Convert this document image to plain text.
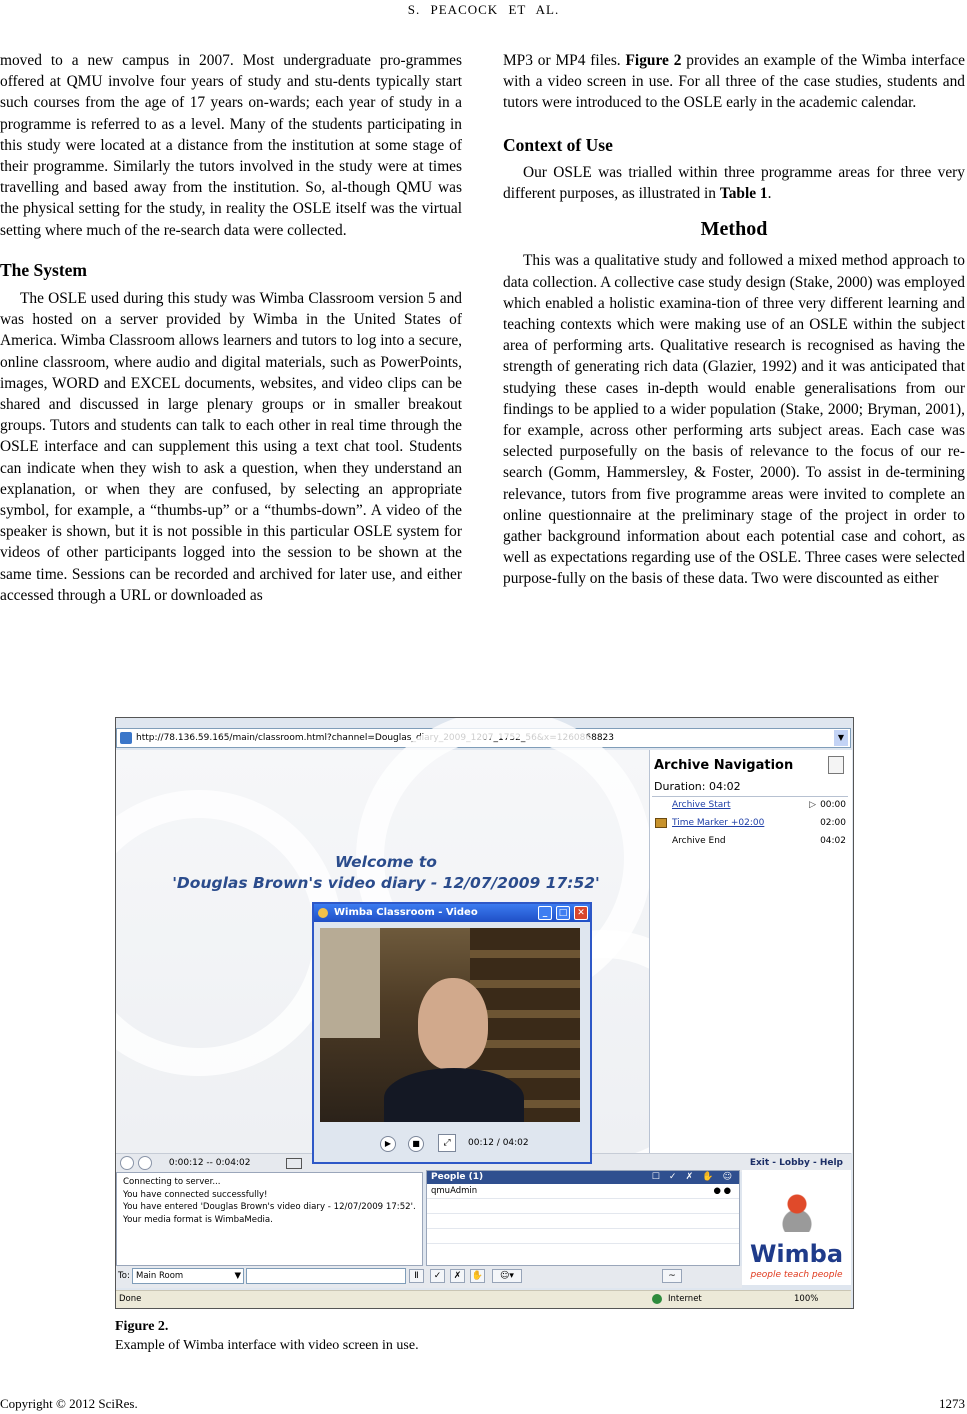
S. PEACOCK ET AL.

moved to a new campus in 2007. Most undergraduate pro-grammes offered at QMU involve four years of study and stu-dents typically start such courses from the age of 17 years on-wards; each year of study in a programme is referred to as a level. Many of the students participating in this study were located at a distance from the institution at some stage of their programme. Similarly the tutors involved in the study were at times travelling and based away from the institution. So, al-though QMU was the physical setting for the study, in reality the OSLE itself was the virtual setting where much of the re-search data were collected.

The System

The OSLE used during this study was Wimba Classroom version 5 and was hosted on a server provided by Wimba in the United States of America. Wimba Classroom allows learners and tutors to log into a secure, online classroom, where audio and digital materials, such as PowerPoints, images, WORD and EXCEL documents, websites, and video clips can be shared and discussed in large plenary groups or in smaller breakout groups. Tutors and students can talk to each other in real time through the OSLE interface and can supplement this using a text chat tool. Students can indicate when they wish to ask a question, when they understand an explanation, or when they are confused, by selecting an appropriate symbol, for example, a “thumbs-up” or a “thumbs-down”. A video of the speaker is shown, but it is not possible in this particular OSLE system for videos of other participants logged into the session to be shown at the same time. Sessions can be recorded and archived for later use, and either accessed through a URL or downloaded as

MP3 or MP4 files. Figure 2 provides an example of the Wimba interface with a video screen in use. For all three of the case studies, students and tutors were introduced to the OSLE early in the academic calendar.

Context of Use

Our OSLE was trialled within three programme areas for three very different purposes, as illustrated in Table 1.

Method

This was a qualitative study and followed a mixed method approach to data collection. A collective case study design (Stake, 2000) was employed which enabled a holistic examina-tion of three very different learning and teaching contexts which were making use of an OSLE within the subject area of performing arts. Qualitative research is recognised as having the strength of generating rich data (Glazier, 1992) and it was anticipated that studying these cases in-depth would enable generalisations from our findings to be applied to a wider population (Stake, 2000; Bryman, 2001), for example, across other performing arts subject areas. Each case was selected purposefully on the basis of relevance to the focus of our re-search (Gomm, Hammersley, & Foster, 2000). To assist in de-termining relevance, tutors from five programme areas were invited to complete an online questionnaire at the preliminary stage of the project in order to gather background information about each potential case and cohort, as well as expectations regarding use of the OSLE. Three cases were selected purpose-fully on the basis of these data. Two were discounted as either

http://78.136.59.165/main/classroom.html?channel=Douglas_diary_2009_1207_1752_56&x=1260868823	▼
Welcome to
'Douglas Brown's video diary - 12/07/2009 17:52'
Archive Navigation
Duration: 04:02
Archive Start	▷ 00:00
Time Marker +02:00	02:00
Archive End	04:02
0:00:12 -- 0:04:02	Exit - Lobby - Help
Connecting to server...
You have connected successfully!
You have entered 'Douglas Brown's video diary - 12/07/2009 17:52'.
Your media format is WimbaMedia.
People (1)	☐ ✓ ✗ ✋ ☺
qmuAdmin	● ●

Wimba
people teach people
To: Main Room	▼	Ⅱ	✓	✗	✋	☺▾	~
Done	Internet	100%
Wimba Classroom - Video	_	□	✕
▶	■	⤢	00:12 / 04:02
Figure 2.
Example of Wimba interface with video screen in use.
Copyright © 2012 SciRes.	1273
